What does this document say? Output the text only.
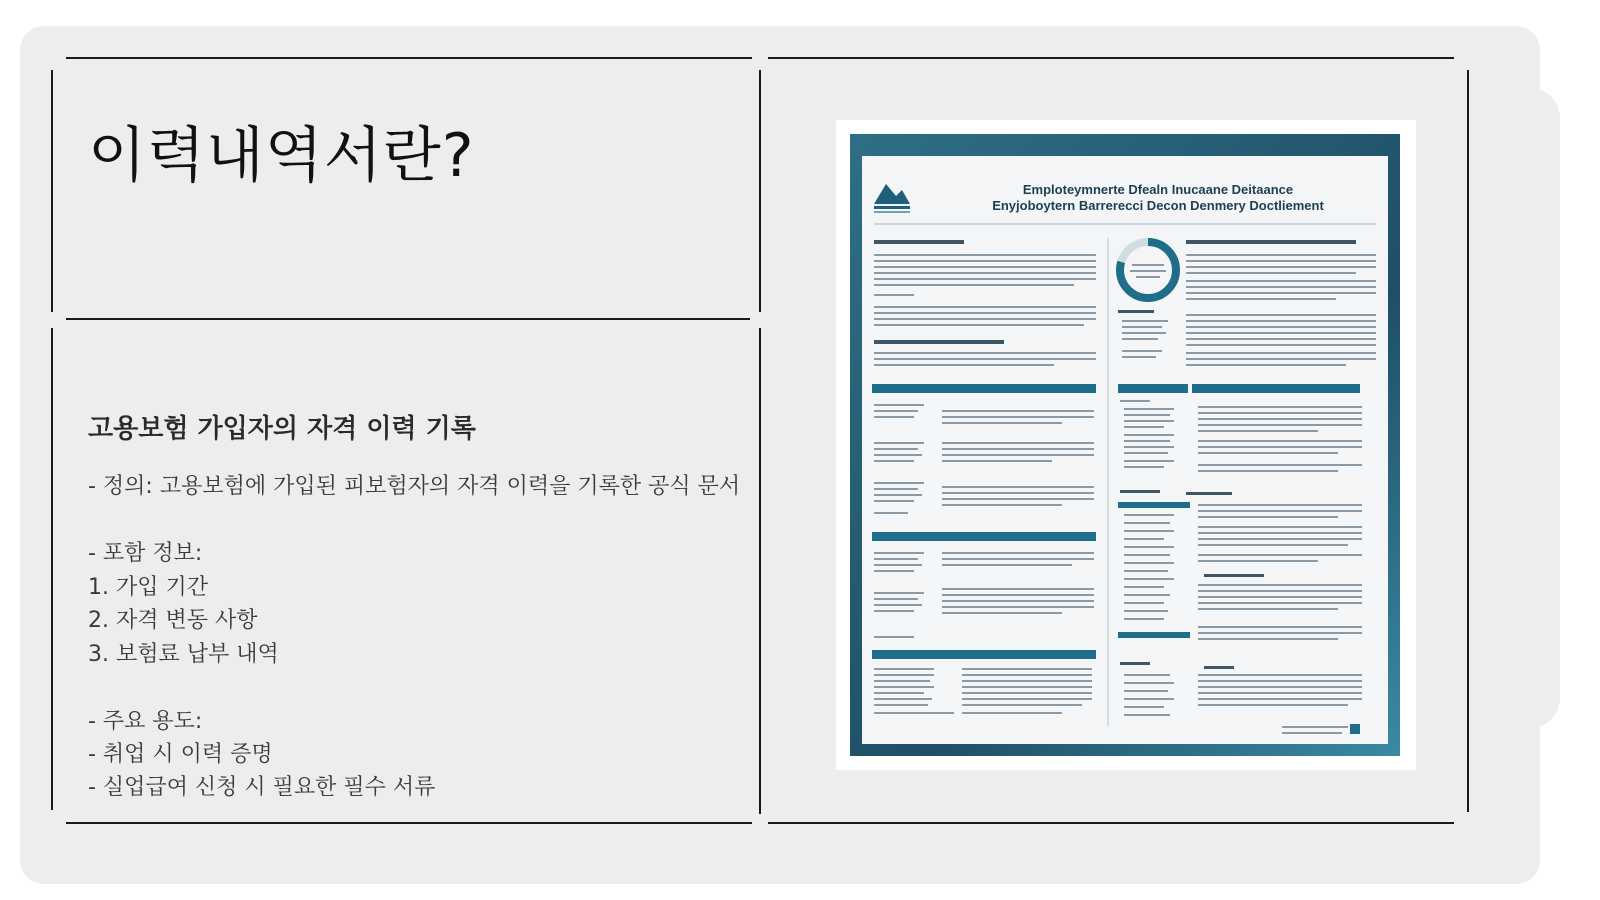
이력내역서란?
고용보험 가입자의 자격 이력 기록
- 정의: 고용보험에 가입된 피보험자의 자격 이력을 기록한 공식 문서
- 포함 정보:
1. 가입 기간
2. 자격 변동 사항
3. 보험료 납부 내역
- 주요 용도:
- 취업 시 이력 증명
- 실업급여 신청 시 필요한 필수 서류
Emploteymnerte Dfealn Inucaane Deitaance
Enyjoboytern Barrerecci Decon Denmery Doctliement
